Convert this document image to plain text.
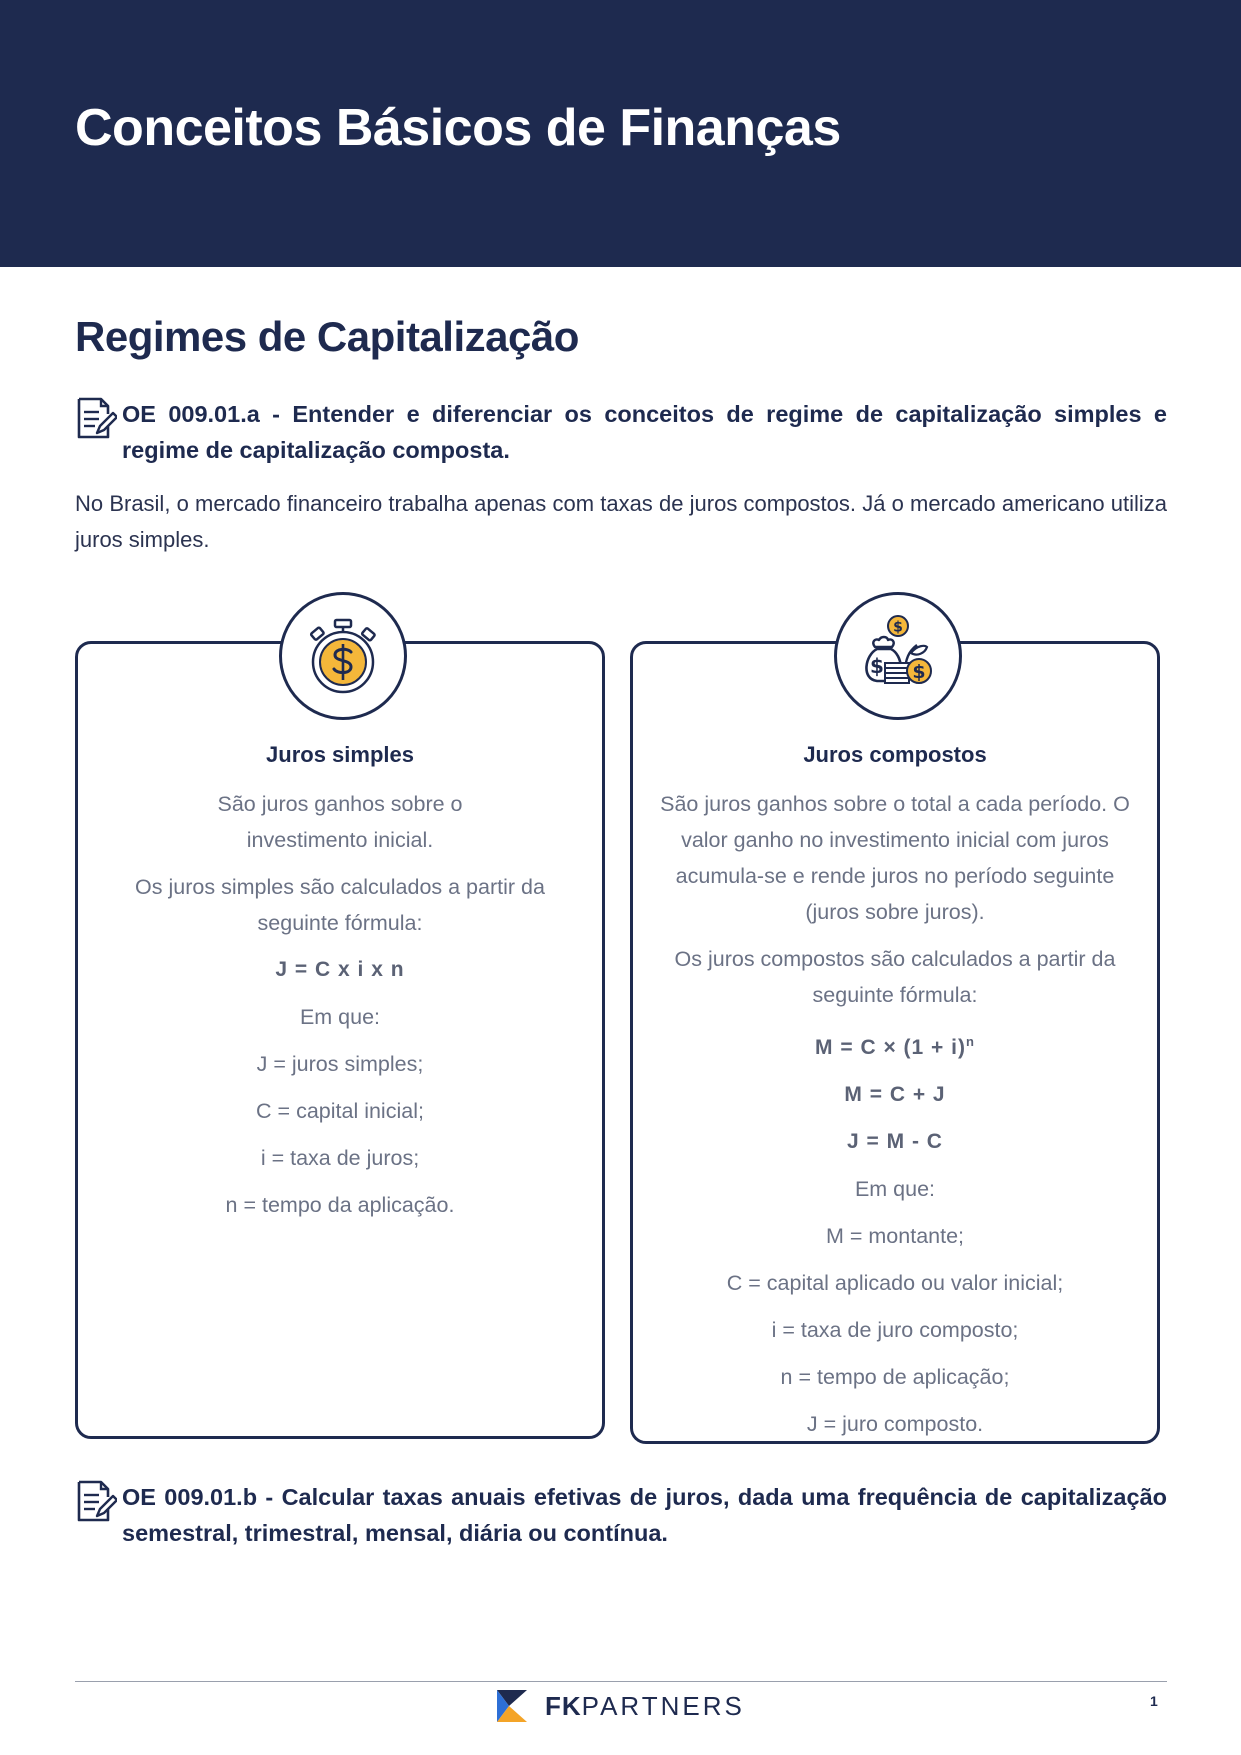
Conceitos Básicos de Finanças
Regimes de Capitalização

OE 009.01.a - Entender e diferenciar os conceitos de regime de capitalização simples e regime de capitalização composta.

No Brasil, o mercado financeiro trabalha apenas com taxas de juros compostos. Já o mercado americano utiliza juros simples.

Juros simples

São juros ganhos sobre o investimento inicial.

Os juros simples são calculados a partir da seguinte fórmula:

J = C x i x n

Em que:

J = juros simples;

C = capital inicial;

i = taxa de juros;

n = tempo da aplicação.

Juros compostos

São juros ganhos sobre o total a cada período. O valor ganho no investimento inicial com juros acumula-se e rende juros no período seguinte (juros sobre juros).

Os juros compostos são calculados a partir da seguinte fórmula:

$M = C \times (1 + i)^n$

M = C + J

J = M - C

Em que:

M = montante;

C = capital aplicado ou valor inicial;

i = taxa de juro composto;

n = tempo de aplicação;

J = juro composto.

$
$ $

OE 009.01.b - Calcular taxas anuais efetivas de juros, dada uma frequência de capitalização semestral, trimestral, mensal, diária ou contínua.

FKPARTNERS	1
